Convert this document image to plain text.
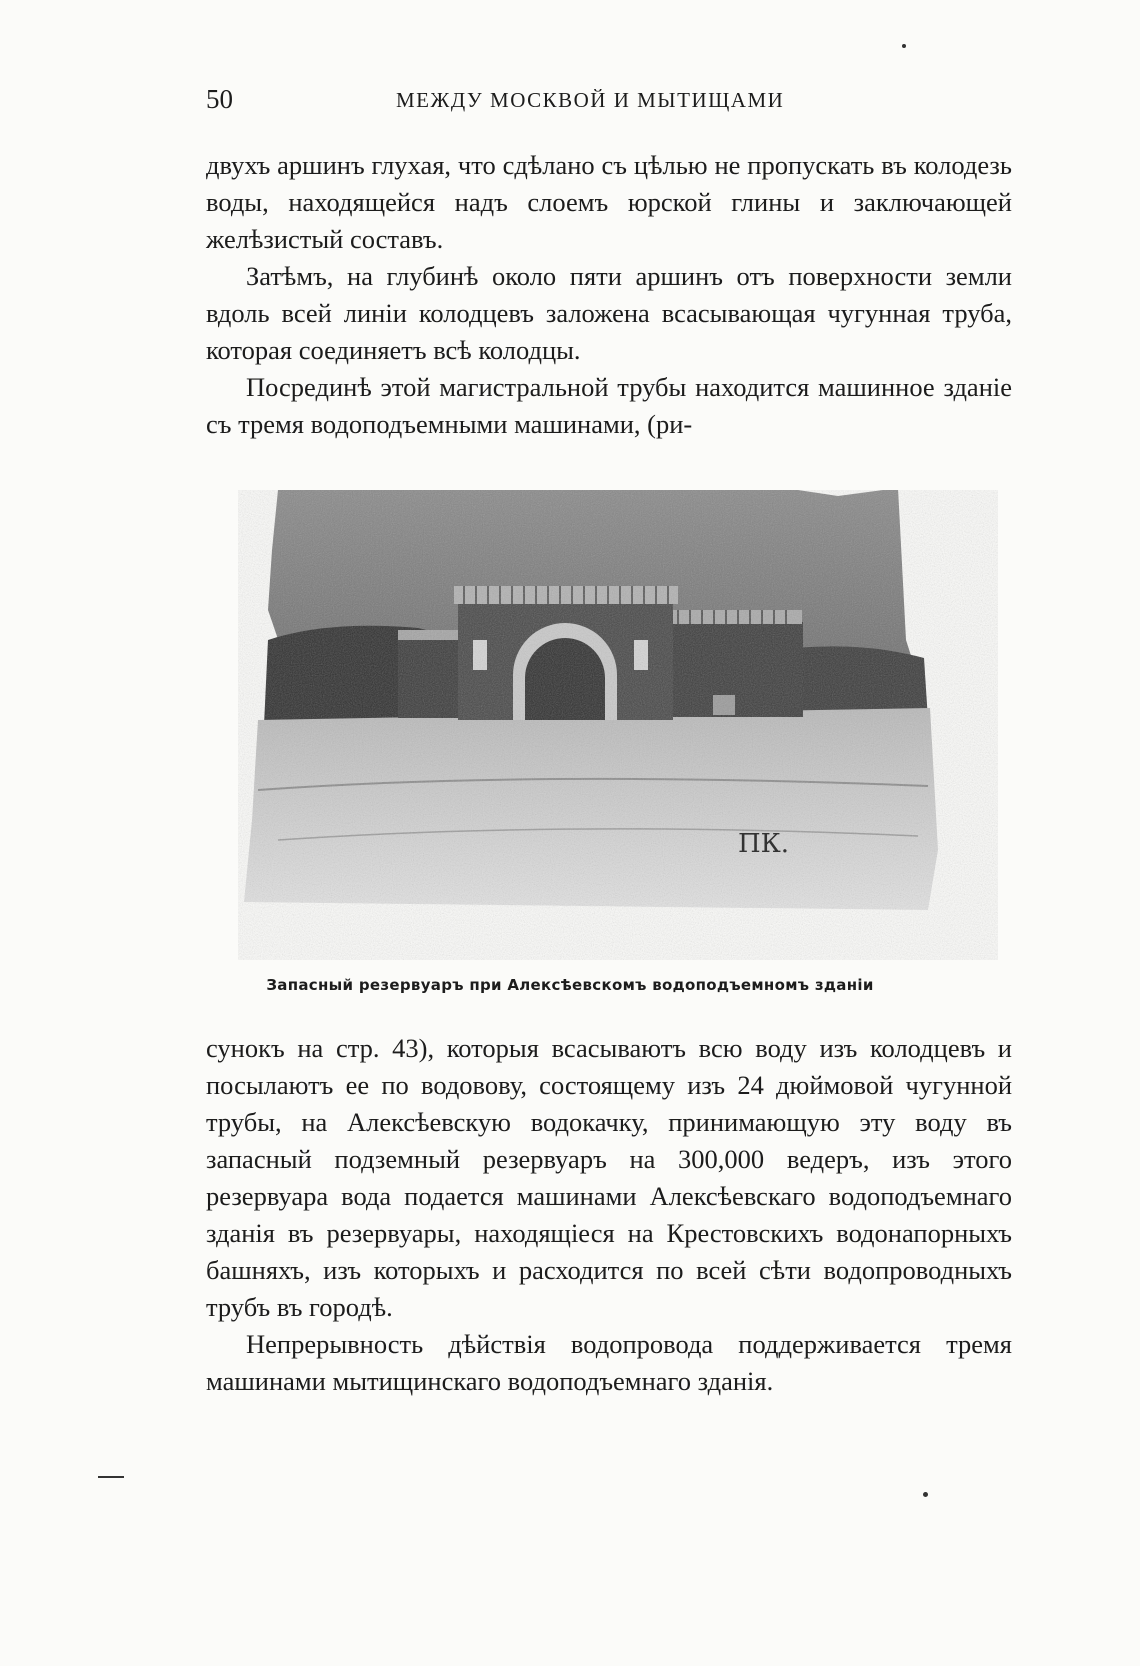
50	МЕЖДУ МОСКВОЙ И МЫТИЩАМИ

двухъ аршинъ глухая, что сдѣлано съ цѣлью не пропускать въ колодезь воды, находящейся надъ слоемъ юрской глины и заключающей желѣзистый составъ.

Затѣмъ, на глубинѣ около пяти аршинъ отъ поверхности земли вдоль всей линiи колодцевъ заложена всасывающая чугунная труба, которая соединяетъ всѣ колодцы.

Посрединѣ этой магистральной трубы находится машинное зданiе съ тремя водоподъемными машинами, (ри-

ПК.
Запасный резервуаръ при Алексѣевскомъ водоподъемномъ зданiи

сунокъ на стр. 43), которыя всасываютъ всю воду изъ колодцевъ и посылаютъ ее по водовову, состоящему изъ 24 дюймовой чугунной трубы, на Алексѣевскую водокачку, принимающую эту воду въ запасный подземный резервуаръ на 300,000 ведеръ, изъ этого резервуара вода подается машинами Алексѣевскаго водоподъемнаго зданiя въ резервуары, находящiеся на Крестовскихъ водонапорныхъ башняхъ, изъ которыхъ и расходится по всей сѣти водопроводныхъ трубъ въ городѣ.

Непрерывность дѣйствiя водопровода поддерживается тремя машинами мытищинскаго водоподъемнаго зданiя.
